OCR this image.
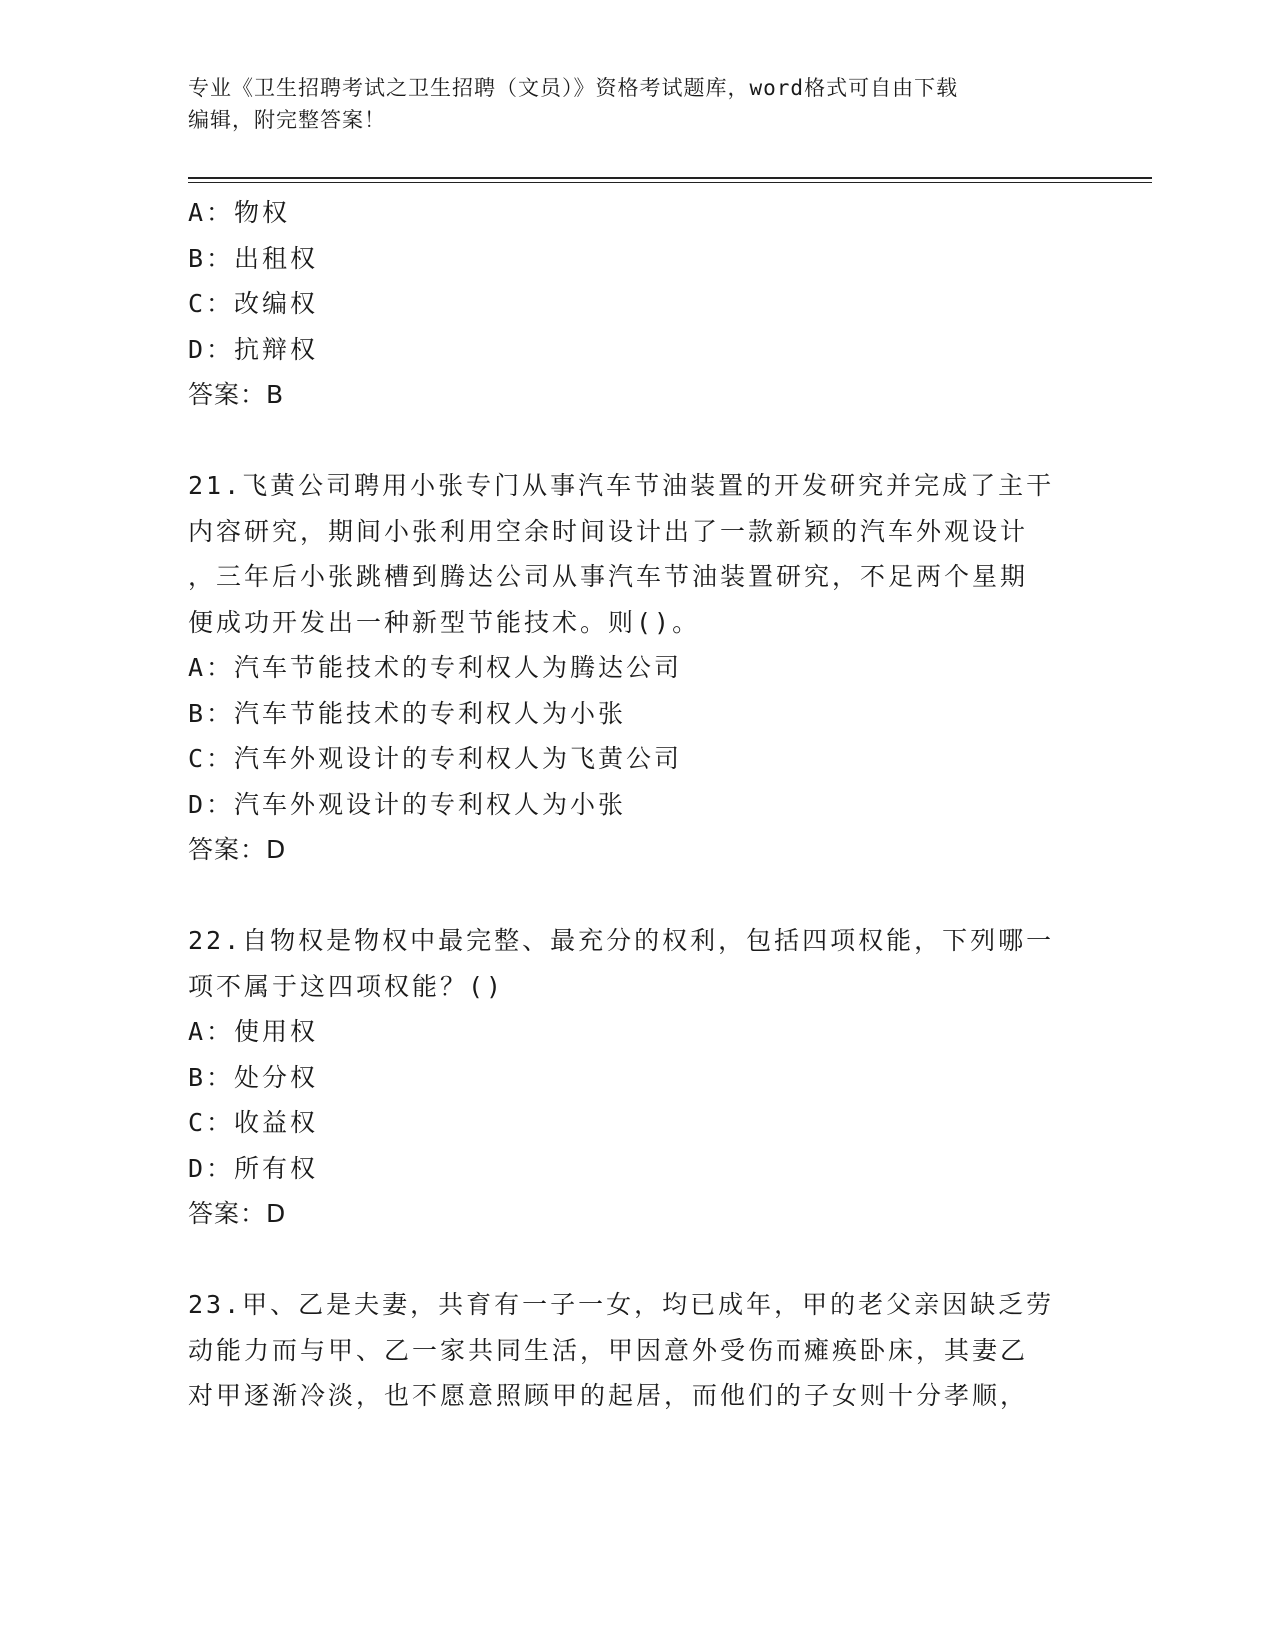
专业《卫生招聘考试之卫生招聘（文员）》资格考试题库，word格式可自由下载
编辑，附完整答案！
A：物权
B：出租权
C：改编权
D：抗辩权
答案：B
21.飞黄公司聘用小张专门从事汽车节油装置的开发研究并完成了主干
内容研究，期间小张利用空余时间设计出了一款新颖的汽车外观设计
，三年后小张跳槽到腾达公司从事汽车节油装置研究，不足两个星期
便成功开发出一种新型节能技术。则()。
A：汽车节能技术的专利权人为腾达公司
B：汽车节能技术的专利权人为小张
C：汽车外观设计的专利权人为飞黄公司
D：汽车外观设计的专利权人为小张
答案：D
22.自物权是物权中最完整、最充分的权利，包括四项权能，下列哪一
项不属于这四项权能？()
A：使用权
B：处分权
C：收益权
D：所有权
答案：D
23.甲、乙是夫妻，共育有一子一女，均已成年，甲的老父亲因缺乏劳
动能力而与甲、乙一家共同生活，甲因意外受伤而瘫痪卧床，其妻乙
对甲逐渐冷淡，也不愿意照顾甲的起居，而他们的子女则十分孝顺，
